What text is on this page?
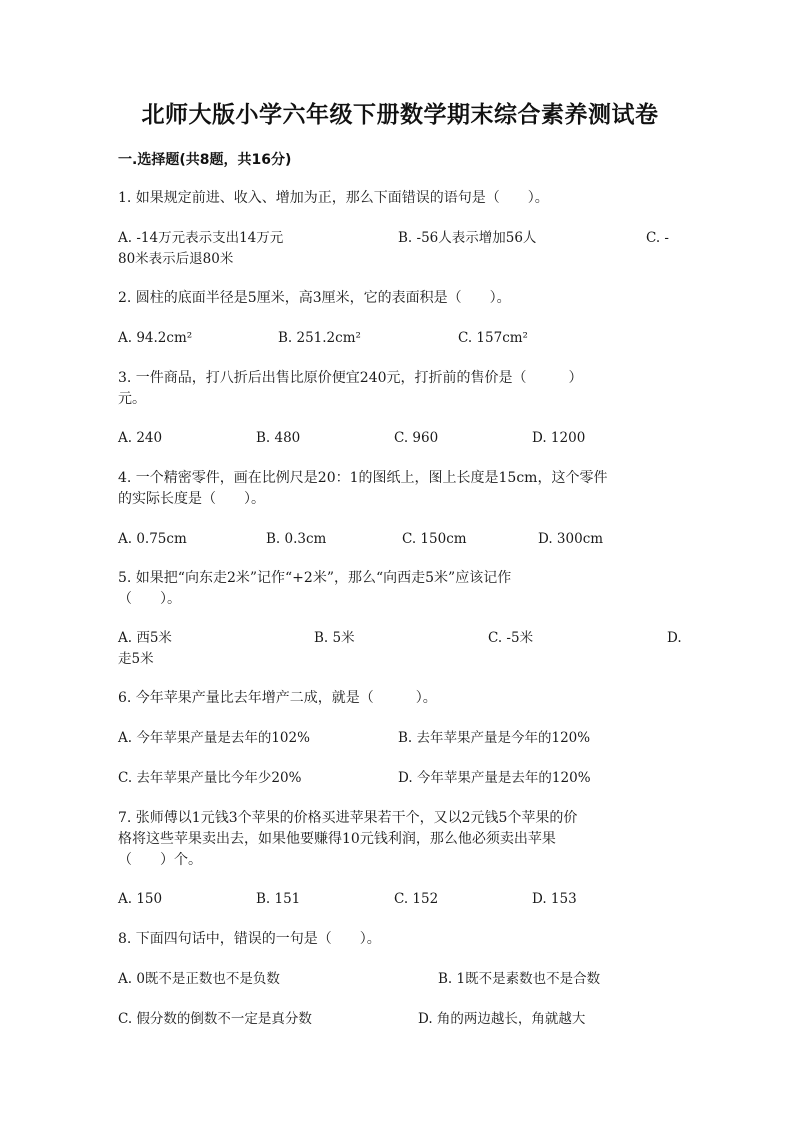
北师大版小学六年级下册数学期末综合素养测试卷
一.选择题(共8题，共16分)
1. 如果规定前进、收入、增加为正，那么下面错误的语句是（　　）。
A. -14万元表示支出14万元	B. -56人表示增加56人	C. -
80米表示后退80米
2. 圆柱的底面半径是5厘米，高3厘米，它的表面积是（　　）。
A. 94.2cm²	B. 251.2cm²	C. 157cm²
3. 一件商品，打八折后出售比原价便宜240元，打折前的售价是（　　　）
元。
A. 240	B. 480	C. 960	D. 1200
4. 一个精密零件，画在比例尺是20：1的图纸上，图上长度是15cm，这个零件
的实际长度是（　　）。
A. 0.75cm	B. 0.3cm	C. 150cm	D. 300cm
5. 如果把“向东走2米”记作“+2米”，那么“向西走5米”应该记作
（　　）。
A. 西5米	B. 5米	C. -5米	D.
走5米
6. 今年苹果产量比去年增产二成，就是（　　　）。
A. 今年苹果产量是去年的102%	B. 去年苹果产量是今年的120%
C. 去年苹果产量比今年少20%	D. 今年苹果产量是去年的120%
7. 张师傅以1元钱3个苹果的价格买进苹果若干个，又以2元钱5个苹果的价
格将这些苹果卖出去，如果他要赚得10元钱利润，那么他必须卖出苹果
（　　）个。
A. 150	B. 151	C. 152	D. 153
8. 下面四句话中，错误的一句是（　　）。
A. 0既不是正数也不是负数	B. 1既不是素数也不是合数
C. 假分数的倒数不一定是真分数	D. 角的两边越长，角就越大
